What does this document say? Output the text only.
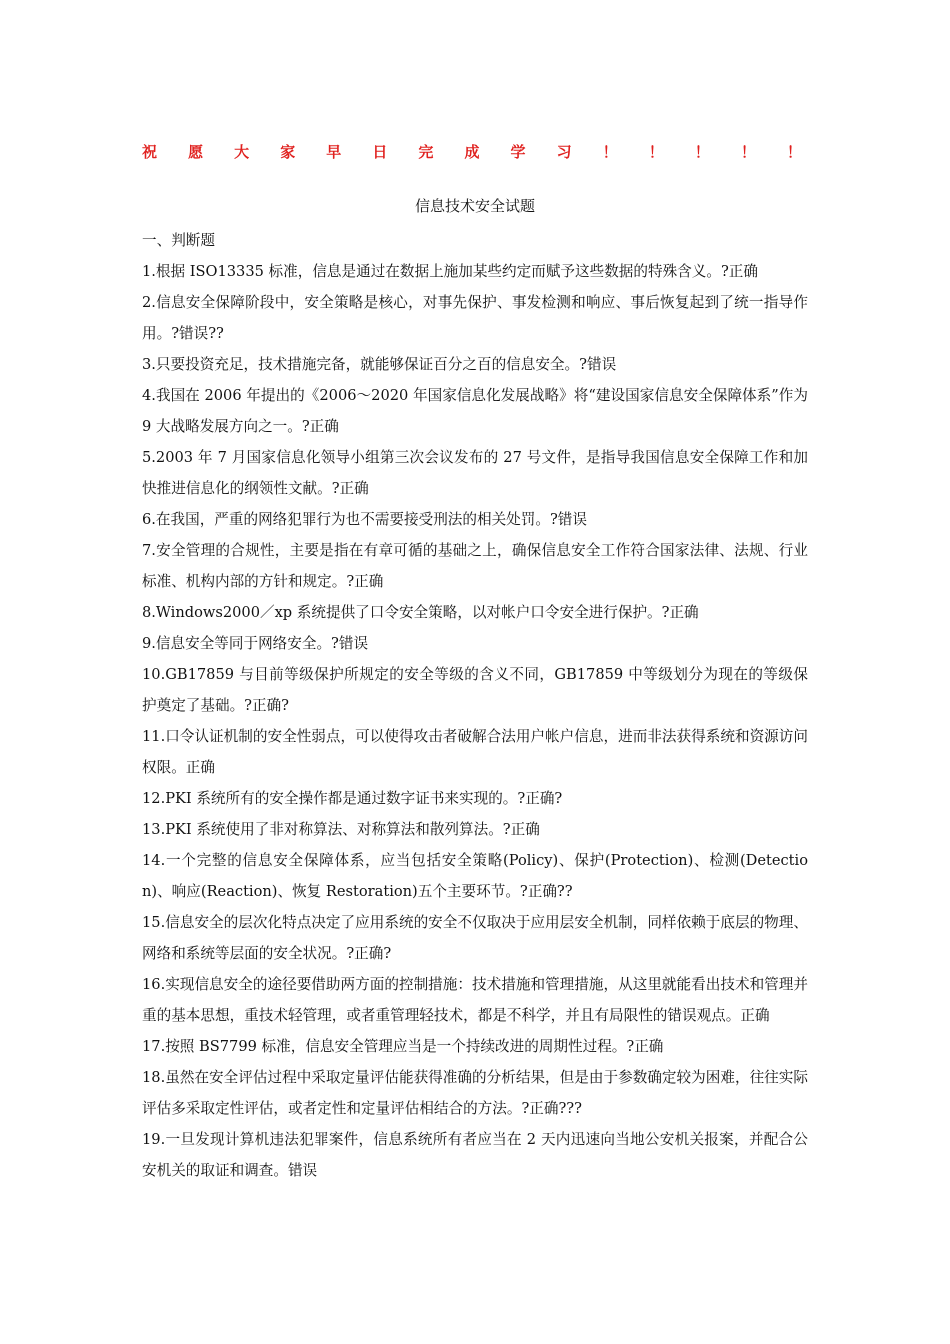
祝 愿 大 家 早 日 完 成 学 习 ！ ！ ！ ！ ！
信息技术安全试题

一、判断题

1.根据 ISO13335 标准，信息是通过在数据上施加某些约定而赋予这些数据的特殊含义。?正确

2.信息安全保障阶段中，安全策略是核心，对事先保护、事发检测和响应、事后恢复起到了统一指导作用。?错误??

3.只要投资充足，技术措施完备，就能够保证百分之百的信息安全。?错误

4.我国在 2006 年提出的《2006～2020 年国家信息化发展战略》将“建设国家信息安全保障体系”作为 9 大战略发展方向之一。?正确

5.2003 年 7 月国家信息化领导小组第三次会议发布的 27 号文件，是指导我国信息安全保障工作和加快推进信息化的纲领性文献。?正确

6.在我国，严重的网络犯罪行为也不需要接受刑法的相关处罚。?错误

7.安全管理的合规性，主要是指在有章可循的基础之上，确保信息安全工作符合国家法律、法规、行业标准、机构内部的方针和规定。?正确

8.Windows2000／xp 系统提供了口令安全策略，以对帐户口令安全进行保护。?正确

9.信息安全等同于网络安全。?错误

10.GB17859 与目前等级保护所规定的安全等级的含义不同，GB17859 中等级划分为现在的等级保护奠定了基础。?正确?

11.口令认证机制的安全性弱点，可以使得攻击者破解合法用户帐户信息，进而非法获得系统和资源访问权限。正确

12.PKI 系统所有的安全操作都是通过数字证书来实现的。?正确?

13.PKI 系统使用了非对称算法、对称算法和散列算法。?正确

14.一个完整的信息安全保障体系，应当包括安全策略(Policy)、保护(Protection)、检测(Detection)、响应(Reaction)、恢复 Restoration)五个主要环节。?正确??

15.信息安全的层次化特点决定了应用系统的安全不仅取决于应用层安全机制，同样依赖于底层的物理、网络和系统等层面的安全状况。?正确?

16.实现信息安全的途径要借助两方面的控制措施：技术措施和管理措施，从这里就能看出技术和管理并重的基本思想，重技术轻管理，或者重管理轻技术，都是不科学，并且有局限性的错误观点。正确

17.按照 BS7799 标准，信息安全管理应当是一个持续改进的周期性过程。?正确

18.虽然在安全评估过程中采取定量评估能获得准确的分析结果，但是由于参数确定较为困难，往往实际评估多采取定性评估，或者定性和定量评估相结合的方法。?正确???

19.一旦发现计算机违法犯罪案件，信息系统所有者应当在 2 天内迅速向当地公安机关报案，并配合公安机关的取证和调查。错误
